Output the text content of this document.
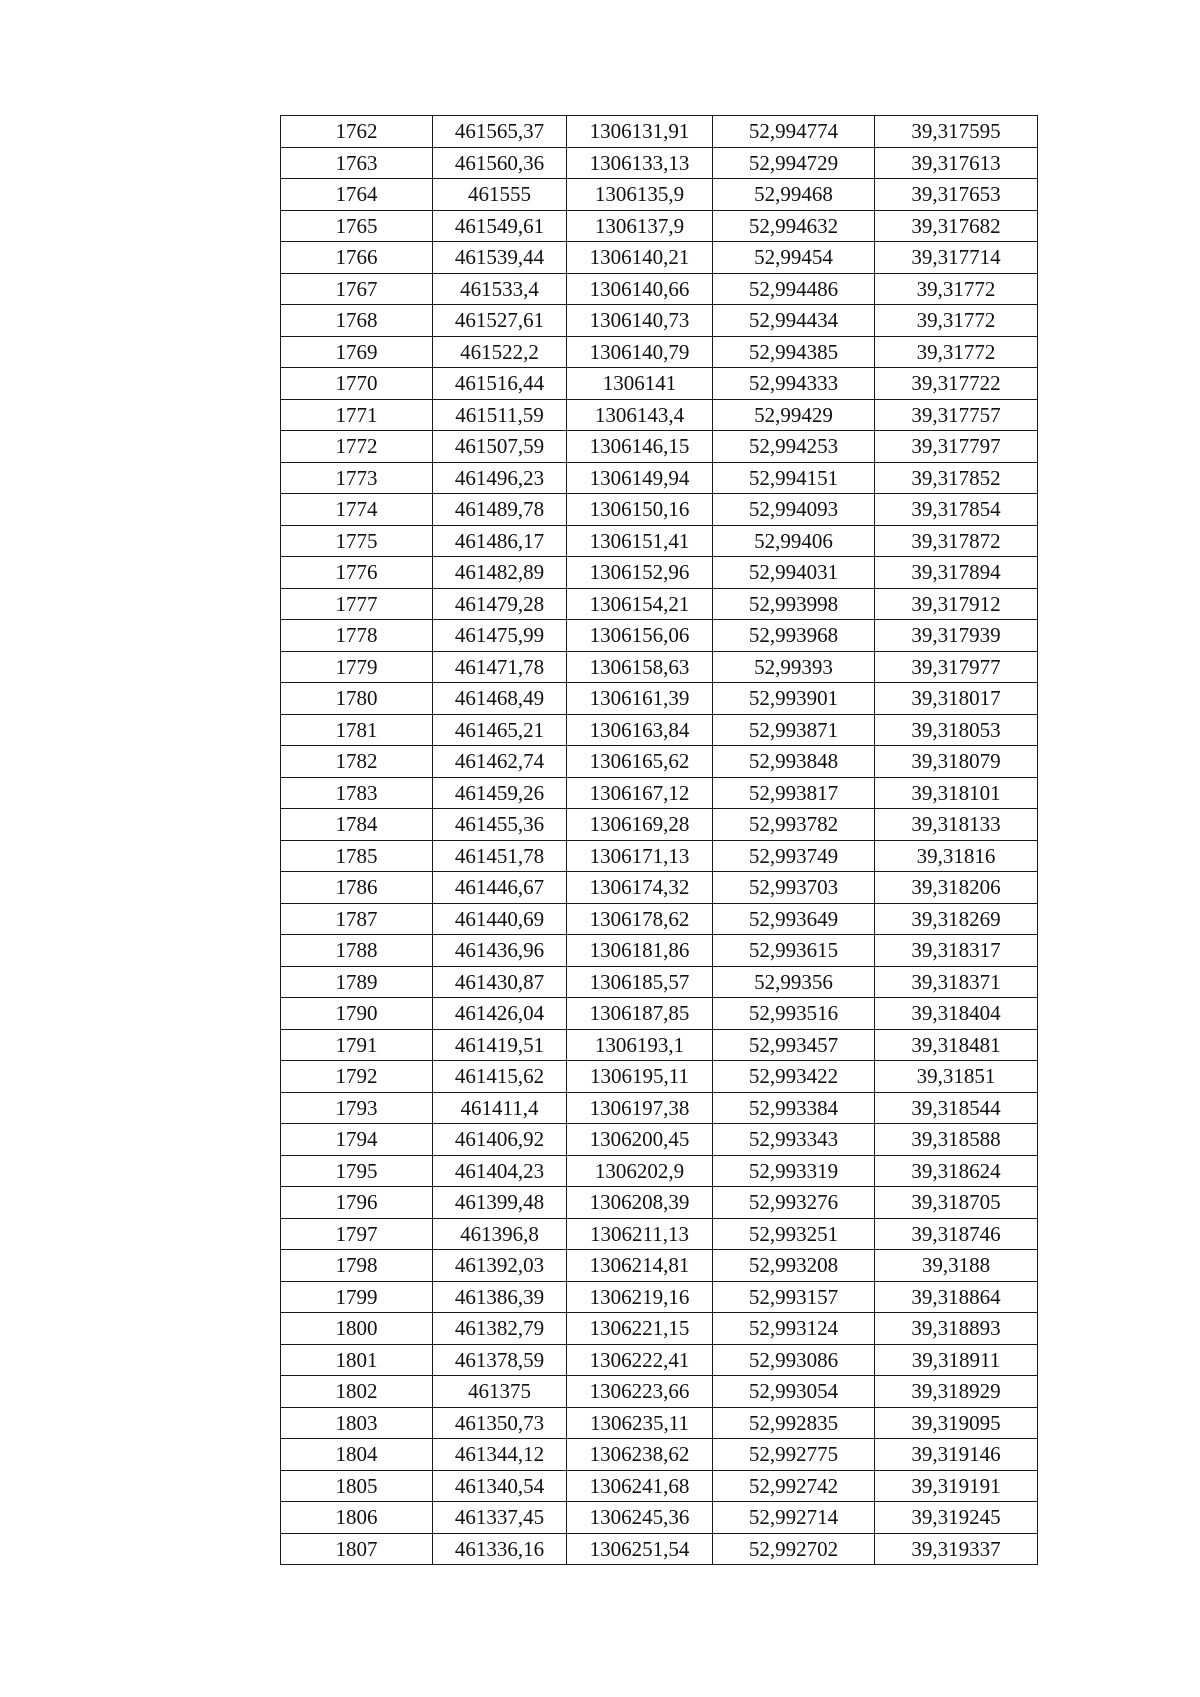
1762	461565,37	1306131,91	52,994774	39,317595
1763	461560,36	1306133,13	52,994729	39,317613
1764	461555	1306135,9	52,99468	39,317653
1765	461549,61	1306137,9	52,994632	39,317682
1766	461539,44	1306140,21	52,99454	39,317714
1767	461533,4	1306140,66	52,994486	39,31772
1768	461527,61	1306140,73	52,994434	39,31772
1769	461522,2	1306140,79	52,994385	39,31772
1770	461516,44	1306141	52,994333	39,317722
1771	461511,59	1306143,4	52,99429	39,317757
1772	461507,59	1306146,15	52,994253	39,317797
1773	461496,23	1306149,94	52,994151	39,317852
1774	461489,78	1306150,16	52,994093	39,317854
1775	461486,17	1306151,41	52,99406	39,317872
1776	461482,89	1306152,96	52,994031	39,317894
1777	461479,28	1306154,21	52,993998	39,317912
1778	461475,99	1306156,06	52,993968	39,317939
1779	461471,78	1306158,63	52,99393	39,317977
1780	461468,49	1306161,39	52,993901	39,318017
1781	461465,21	1306163,84	52,993871	39,318053
1782	461462,74	1306165,62	52,993848	39,318079
1783	461459,26	1306167,12	52,993817	39,318101
1784	461455,36	1306169,28	52,993782	39,318133
1785	461451,78	1306171,13	52,993749	39,31816
1786	461446,67	1306174,32	52,993703	39,318206
1787	461440,69	1306178,62	52,993649	39,318269
1788	461436,96	1306181,86	52,993615	39,318317
1789	461430,87	1306185,57	52,99356	39,318371
1790	461426,04	1306187,85	52,993516	39,318404
1791	461419,51	1306193,1	52,993457	39,318481
1792	461415,62	1306195,11	52,993422	39,31851
1793	461411,4	1306197,38	52,993384	39,318544
1794	461406,92	1306200,45	52,993343	39,318588
1795	461404,23	1306202,9	52,993319	39,318624
1796	461399,48	1306208,39	52,993276	39,318705
1797	461396,8	1306211,13	52,993251	39,318746
1798	461392,03	1306214,81	52,993208	39,3188
1799	461386,39	1306219,16	52,993157	39,318864
1800	461382,79	1306221,15	52,993124	39,318893
1801	461378,59	1306222,41	52,993086	39,318911
1802	461375	1306223,66	52,993054	39,318929
1803	461350,73	1306235,11	52,992835	39,319095
1804	461344,12	1306238,62	52,992775	39,319146
1805	461340,54	1306241,68	52,992742	39,319191
1806	461337,45	1306245,36	52,992714	39,319245
1807	461336,16	1306251,54	52,992702	39,319337
